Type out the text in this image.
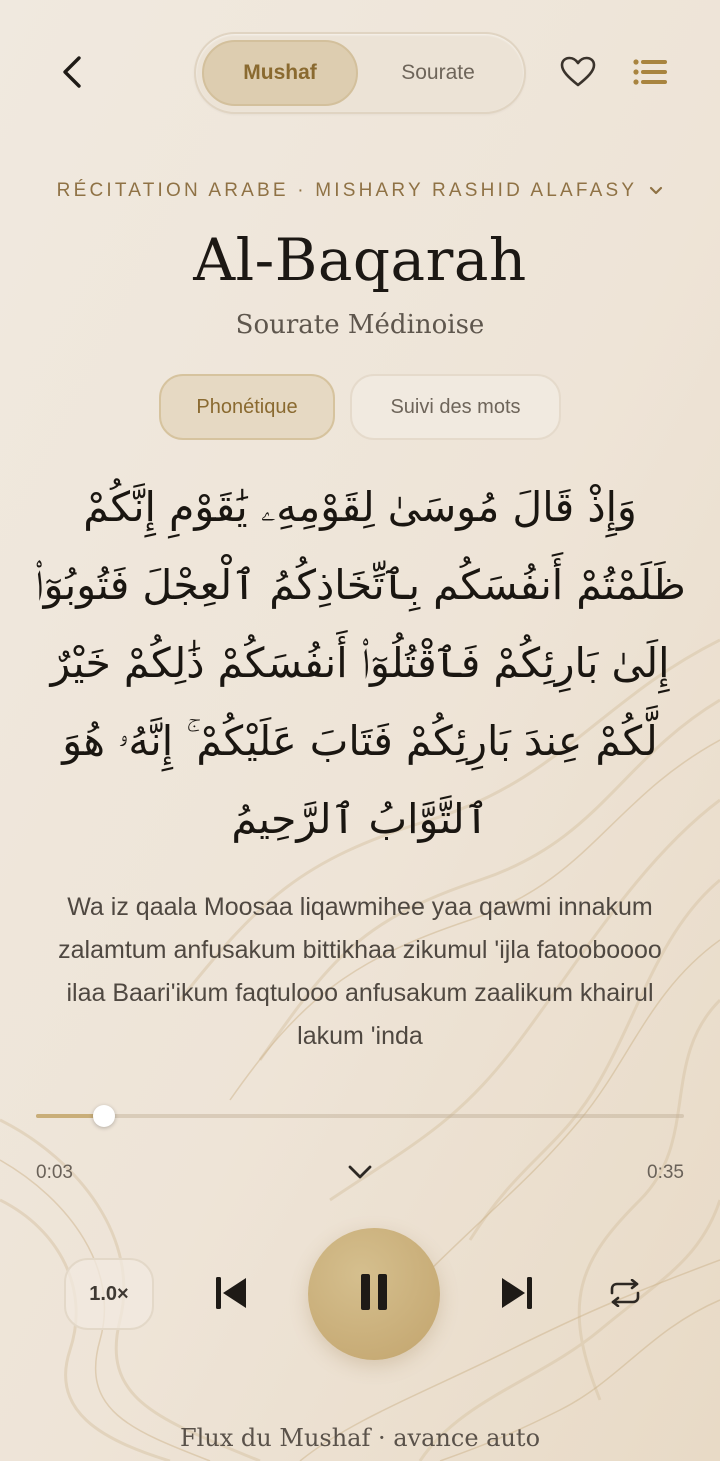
Mushaf	Sourate
RÉCITATION ARABE · MISHARY RASHID ALAFASY
Al-Baqarah
Sourate Médinoise
Phonétique	Suivi des mots
وَإِذْ قَالَ مُوسَىٰ لِقَوْمِهِۦ يَٰقَوْمِ إِنَّكُمْ ظَلَمْتُمْ أَنفُسَكُم بِٱتِّخَاذِكُمُ ٱلْعِجْلَ فَتُوبُوٓا۟ إِلَىٰ بَارِئِكُمْ فَٱقْتُلُوٓا۟ أَنفُسَكُمْ ذَٰلِكُمْ خَيْرٌ لَّكُمْ عِندَ بَارِئِكُمْ فَتَابَ عَلَيْكُمْ ۚ إِنَّهُۥ هُوَ ٱلتَّوَّابُ ٱلرَّحِيمُ
Wa iz qaala Moosaa liqawmihee yaa qawmi innakum zalamtum anfusakum bittikhaa zikumul 'ijla fatooboooo ilaa Baari'ikum faqtulooo anfusakum zaalikum khairul lakum 'inda
0:03	0:35
1.0×
Flux du Mushaf · avance auto
